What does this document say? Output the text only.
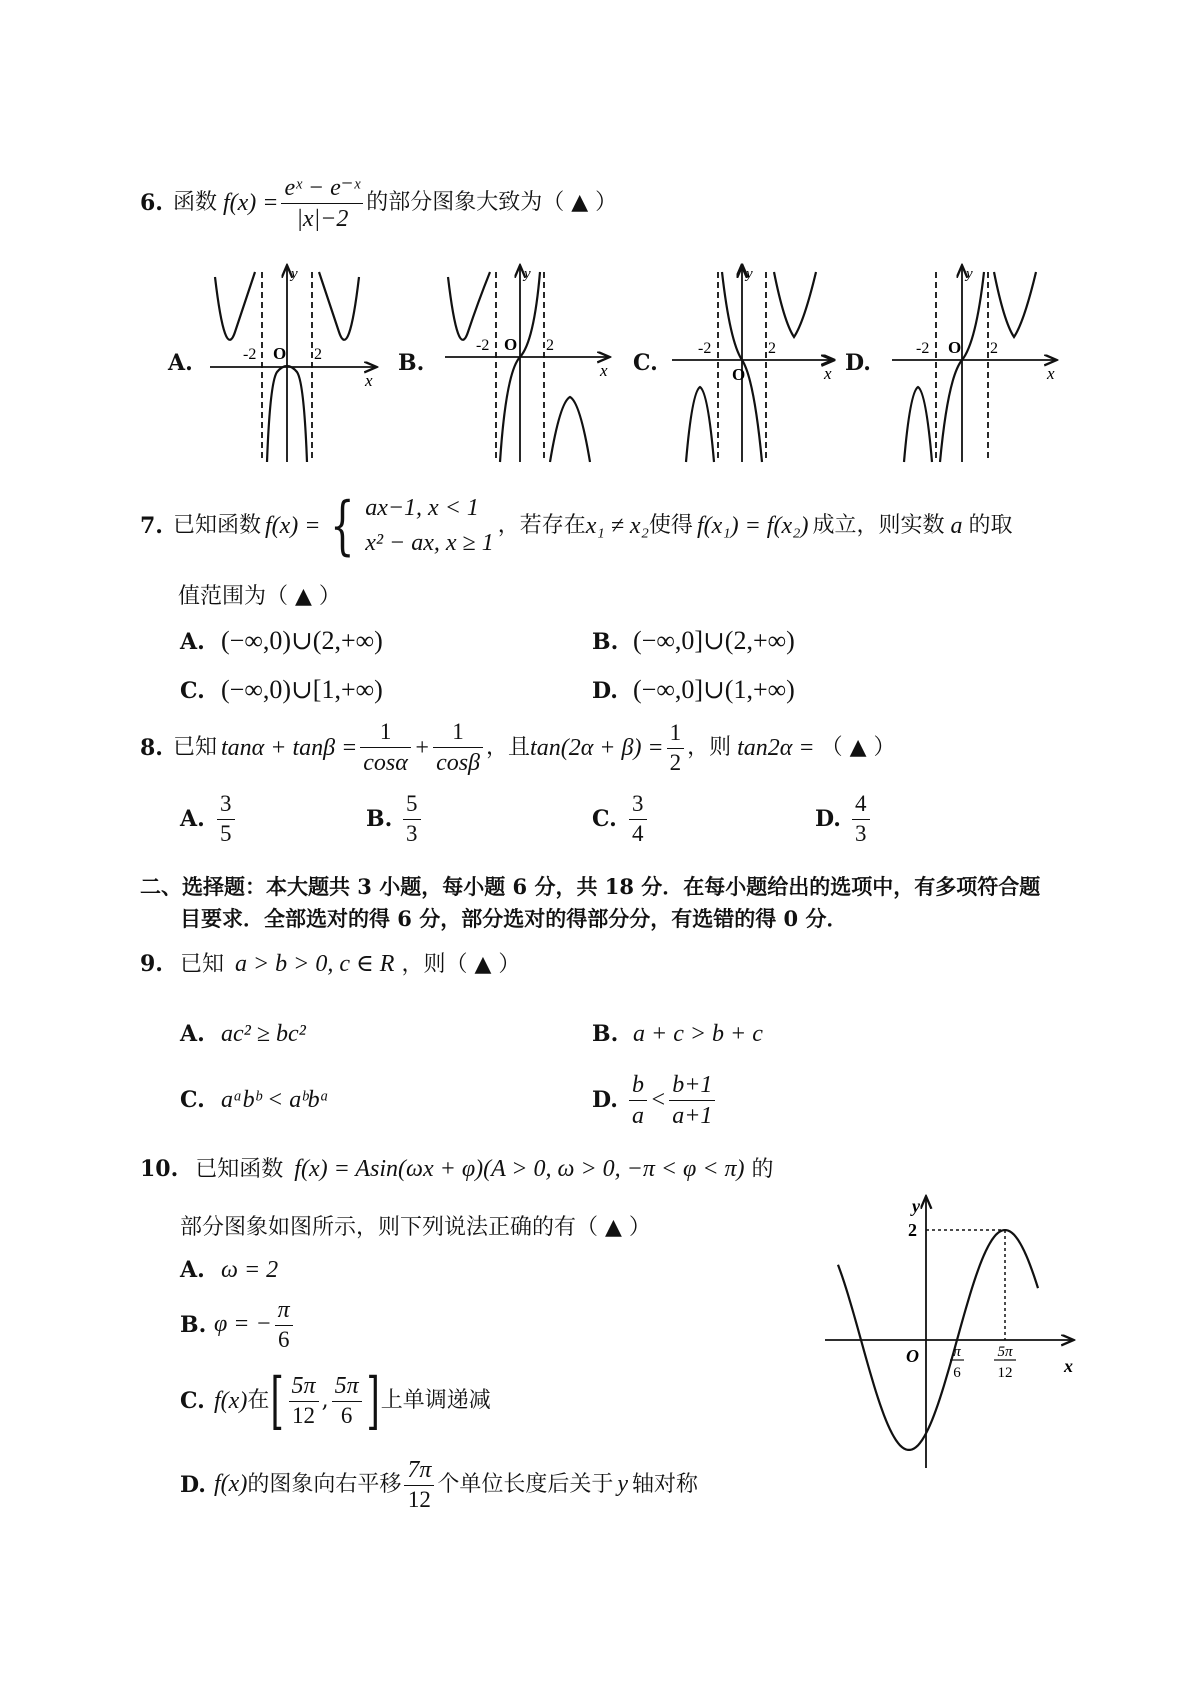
6. 函数 $f(x) = \frac{\text{eˣ − e⁻ˣ}}{|x|-2}$ 的部分图象大致为（ ▲ ）
A.	B.	C.	D.
-2 O 2
x
y
-2 O 2
x
y
-2
O
2
x
y
-2 O 2
x
y
7. 已知函数 f(x) = { ax−1, x < 1
x² − ax, x ≥ 1
，若存在 x₁ ≠ x₂ 使得 f(x₁) = f(x₂) 成立，则实数 a 的取
值范围为（ ▲ ）
A. (−∞,0)∪(2,+∞)	B. (−∞,0]∪(2,+∞)
C. (−∞,0)∪[1,+∞)	D. (−∞,0]∪(1,+∞)
8. 已知 $\tan\alpha + \tan\beta = \frac{1}{\cos\alpha} + \frac{1}{\cos\beta}$ ，且 $\tan(2\alpha + \beta) = \frac{1}{2}$ ，则 tan2α = （ ▲ ）
A. $\frac{3}{5}$	B. $\frac{5}{3}$	C. $\frac{3}{4}$	D. $\frac{4}{3}$
二、选择题：本大题共 3 小题，每小题 6 分，共 18 分．在每小题给出的选项中，有多项符合题
目要求．全部选对的得 6 分，部分选对的得部分分，有选错的得 0 分．
9. 已知 a > b > 0, c ∈ R ，则（ ▲ ）
A. ac² ≥ bc²	B. a + c > b + c
C. aᵃbᵇ < aᵇbᵃ	D. $\frac{b}{a} < \frac{b+1}{a+1}$
10. 已知函数 f(x) = Asin(ωx + φ)(A > 0, ω > 0, −π < φ < π) 的
部分图象如图所示，则下列说法正确的有（ ▲ ）
A. ω = 2
B. φ = − $\frac{\pi}{6}$
C. f(x) 在 [ $\frac{5\pi}{12}$ , $\frac{5\pi}{6}$ ] 上单调递减
D. f(x) 的图象向右平移 $\frac{7\pi}{12}$ 个单位长度后关于 y 轴对称
y
x
O
2
π
6
5π
12
